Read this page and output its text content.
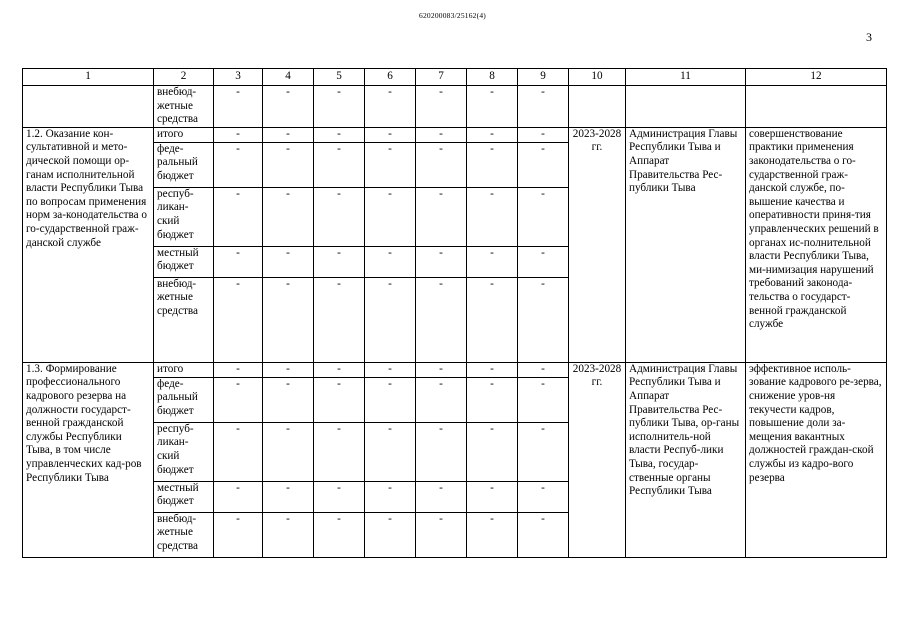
620200083/25162(4)
3
1	2	3	4	5	6	7	8	9	10	11	12
	внебюд-​жетные средства	-​	-​	-​	-​	-​	-​	-​			
1.2. Оказание кон-​сультативной и мето-​дической помощи ор-​ганам исполнительной власти Республики Тыва по вопросам применения норм за-​конодательства о го-​сударственной граж-​данской службе	итого	-​	-​	-​	-​	-​	-​	-​	2023-​2028 гг.	Администрация Главы Республики Тыва и Аппарат Правительства Рес-​публики Тыва	совершенствование практики применения законодательства о го-​сударственной граж-​данской службе, по-​вышение качества и оперативности приня-​тия управленческих решений в органах ис-​полнительной власти Республики Тыва, ми-​нимизация нарушений требований законода-​тельства о государст-​венной гражданской службе
	феде-​ральный бюджет	-​	-​	-​	-​	-​	-​	-​			
	респуб-​ликан-​ский бюджет	-​	-​	-​	-​	-​	-​	-​			
	местный бюджет	-​	-​	-​	-​	-​	-​	-​			
	внебюд-​жетные средства	-​	-​	-​	-​	-​	-​	-​			
1.3. Формирование профессионального кадрового резерва на должности государст-​венной гражданской службы Республики Тыва, в том числе управленческих кад-​ров Республики Тыва	итого	-​	-​	-​	-​	-​	-​	-​	2023-​2028 гг.	Администрация Главы Республики Тыва и Аппарат Правительства Рес-​публики Тыва, ор-​ганы исполнитель-​ной власти Респуб-​лики Тыва, государ-​ственные органы Республики Тыва	эффективное исполь-​зование кадрового ре-​зерва, снижение уров-​ня текучести кадров, повышение доли за-​мещения вакантных должностей граждан-​ской службы из кадро-​вого резерва
	феде-​ральный бюджет	-​	-​	-​	-​	-​	-​	-​			
	респуб-​ликан-​ский бюджет	-​	-​	-​	-​	-​	-​	-​			
	местный бюджет	-​	-​	-​	-​	-​	-​	-​			
	внебюд-​жетные средства	-​	-​	-​	-​	-​	-​	-​			
